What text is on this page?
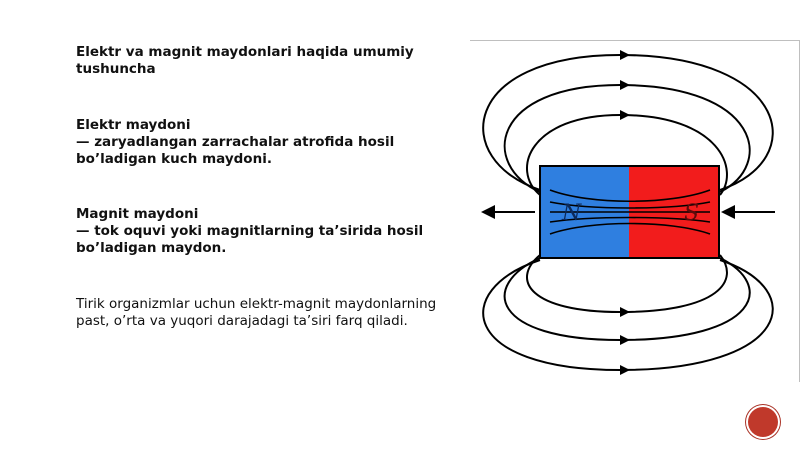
Elektr va magnit maydonlari haqida umumiy tushuncha

Elektr maydoni
— zaryadlangan zarrachalar atrofida hosil bo’ladigan kuch maydoni.
Magnit maydoni
— tok oquvi yoki magnitlarning ta’sirida hosil bo’ladigan maydon.
Tirik organizmlar uchun elektr-magnit maydonlarning past, o’rta va yuqori darajadagi ta’siri farq qiladi.
N	S
